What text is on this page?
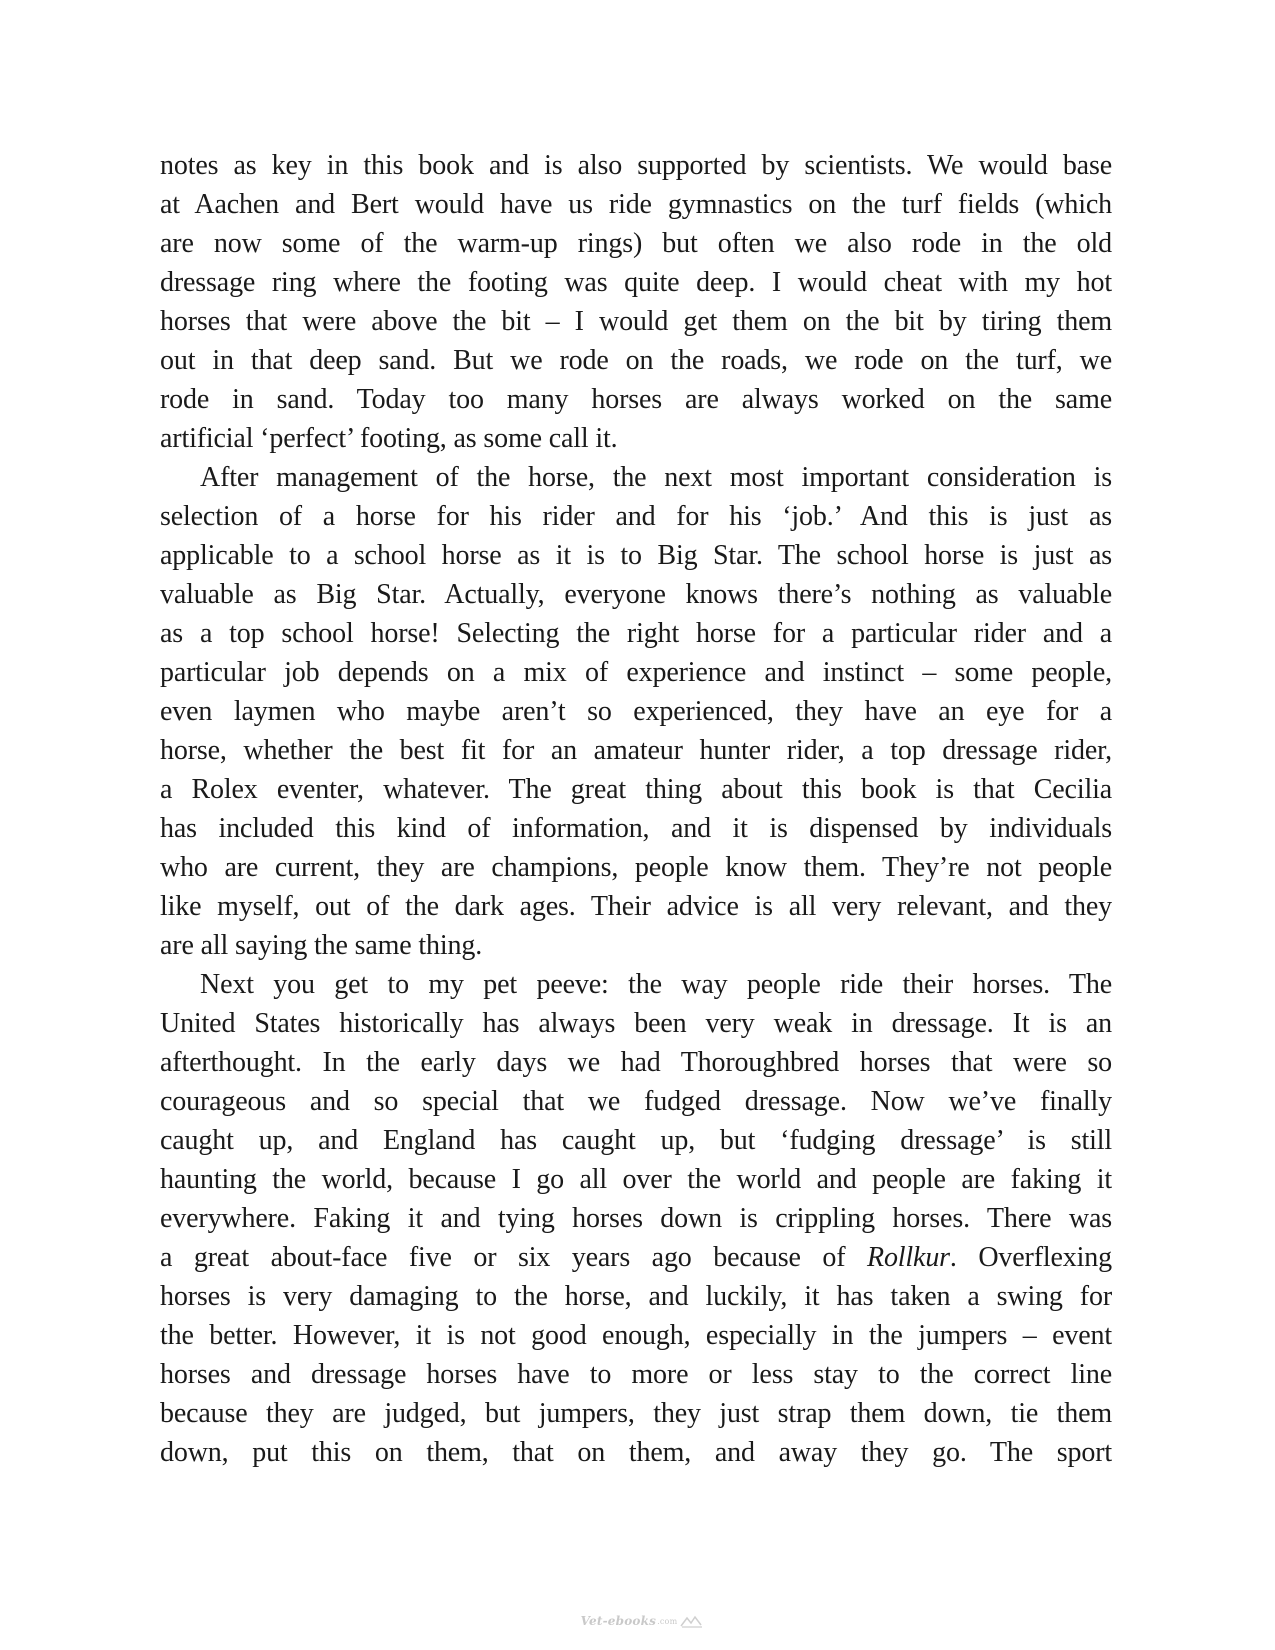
notes as key in this book and is also supported by scientists. We would base
at Aachen and Bert would have us ride gymnastics on the turf fields (which
are now some of the warm-up rings) but often we also rode in the old
dressage ring where the footing was quite deep. I would cheat with my hot
horses that were above the bit – I would get them on the bit by tiring them
out in that deep sand. But we rode on the roads, we rode on the turf, we
rode in sand. Today too many horses are always worked on the same
artificial ‘perfect’ footing, as some call it.
After management of the horse, the next most important consideration is
selection of a horse for his rider and for his ‘job.’ And this is just as
applicable to a school horse as it is to Big Star. The school horse is just as
valuable as Big Star. Actually, everyone knows there’s nothing as valuable
as a top school horse! Selecting the right horse for a particular rider and a
particular job depends on a mix of experience and instinct – some people,
even laymen who maybe aren’t so experienced, they have an eye for a
horse, whether the best fit for an amateur hunter rider, a top dressage rider,
a Rolex eventer, whatever. The great thing about this book is that Cecilia
has included this kind of information, and it is dispensed by individuals
who are current, they are champions, people know them. They’re not people
like myself, out of the dark ages. Their advice is all very relevant, and they
are all saying the same thing.
Next you get to my pet peeve: the way people ride their horses. The
United States historically has always been very weak in dressage. It is an
afterthought. In the early days we had Thoroughbred horses that were so
courageous and so special that we fudged dressage. Now we’ve finally
caught up, and England has caught up, but ‘fudging dressage’ is still
haunting the world, because I go all over the world and people are faking it
everywhere. Faking it and tying horses down is crippling horses. There was
a great about-face five or six years ago because of Rollkur. Overflexing
horses is very damaging to the horse, and luckily, it has taken a swing for
the better. However, it is not good enough, especially in the jumpers – event
horses and dressage horses have to more or less stay to the correct line
because they are judged, but jumpers, they just strap them down, tie them
down, put this on them, that on them, and away they go. The sport
Vet-ebooks .com
